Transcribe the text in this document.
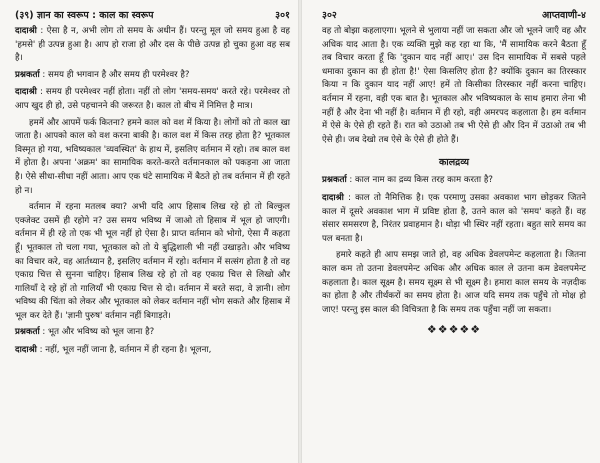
(३९) ज्ञान का स्वरूप : काल का स्वरूप	३०१

दादाश्री : ऐसा है न, अभी लोग तो समय के अधीन हैं। परन्तु मूल जो समय हुआ है वह 'हमसे' ही उत्पन्न हुआ है। आप हो राजा हो और दस के पीछे उत्पन्न हो चुका हुआ वह सब है।

प्रश्नकर्ता : समय ही भगवान है और समय ही परमेश्वर है?

दादाश्री : समय ही परमेश्वर नहीं होता। नहीं तो लोग 'समय-समय' करते रहे। परमेश्वर तो आप खुद ही हो, उसे पहचानने की जरूरत है। काल तो बीच में निमित्त है मात्र।

हममें और आपमें फर्क कितना? हमने काल को वश में किया है। लोगों को तो काल खा जाता है। आपको काल को वश करना बाकी है। काल वश में किस तरह होता है? भूतकाल विस्मृत हो गया, भविष्यकाल 'व्यवस्थित' के हाथ में, इसलिए वर्तमान में रहो। तब काल वश में होता है। अपना 'अक्रम' का सामायिक करते-करते वर्तमानकाल को पकड़ना आ जाता है। ऐसे सीधा-सीधा नहीं आता। आप एक घंटे सामायिक में बैठते हो तब वर्तमान में ही रहते हो न।

वर्तमान में रहना मतलब क्या? अभी यदि आप हिसाब लिख रहे हो तो बिल्कुल एक्जेक्ट उसमें ही रहोगे न? उस समय भविष्य में जाओ तो हिसाब में भूल हो जाएगी। वर्तमान में ही रहे तो एक भी भूल नहीं हो ऐसा है। प्राप्त वर्तमान को भोगो, ऐसा मैं कहता हूँ। भूतकाल तो चला गया, भूतकाल को तो ये बुद्धिशाली भी नहीं उखाड़ते। और भविष्य का विचार करे, वह आर्तध्यान है, इसलिए वर्तमान में रहो। वर्तमान में सत्संग होता है तो वह एकाग्र चित्त से सुनना चाहिए। हिसाब लिख रहे हो तो वह एकाग्र चित्त से लिखो और गालियाँ दे रहे हों तो गालियाँ भी एकाग्र चित्त से दो। वर्तमान में बरते सदा, वे ज्ञानी। लोग भविष्य की चिंता को लेकर और भूतकाल को लेकर वर्तमान नहीं भोग सकते और हिसाब में भूल कर देते हैं। 'ज्ञानी पुरुष' वर्तमान नहीं बिगाड़ते।

प्रश्नकर्ता : भूत और भविष्य को भूल जाना है?

दादाश्री : नहीं, भूल नहीं जाना है, वर्तमान में ही रहना है। भूलना,

३०२	आप्तवाणी-४

वह तो बोझा कहलाएगा। भूलने से भुलाया नहीं जा सकता और जो भूलने जाएँ वह और अधिक याद आता है। एक व्यक्ति मुझे कह रहा था कि, 'मैं सामायिक करने बैठता हूँ तब विचार करता हूँ कि 'दुकान याद नहीं आए।' उस दिन सामायिक में सबसे पहले धमाका दुकान का ही होता है!' ऐसा किसलिए होता है? क्योंकि दुकान का तिरस्कार किया न कि दुकान याद नहीं आए! हमें तो किसीका तिरस्कार नहीं करना चाहिए। वर्तमान में रहना, वही एक बात है। भूतकाल और भविष्यकाल के साथ हमारा लेना भी नहीं है और देना भी नहीं है। वर्तमान में ही रहो, वही अमरपद कहलाता है। हम वर्तमान में ऐसे के ऐसे ही रहते हैं। रात को उठाओ तब भी ऐसे ही और दिन में उठाओ तब भी ऐसे ही। जब देखो तब ऐसे के ऐसे ही होते हैं।

कालद्रव्य

प्रश्नकर्ता : काल नाम का द्रव्य किस तरह काम करता है?

दादाश्री : काल तो नैमित्तिक है। एक परमाणु उसका अवकाश भाग छोड़कर जितने काल में दूसरे अवकाश भाग में प्रविष्ट होता है, उतने काल को 'समय' कहते हैं। वह संसार समसरण है, निरंतर प्रवाहमान है। थोड़ा भी स्थिर नहीं रहता। बहुत सारे समय का पल बनता है।

हमारे कहते ही आप समझ जाते हो, वह अधिक डेवलपमेन्ट कहलाता है। जितना काल कम तो उतना डेवलपमेन्ट अधिक और अधिक काल ले उतना कम डेवलपमेन्ट कहलाता है। काल सूक्ष्म है। समय सूक्ष्म से भी सूक्ष्म है। हमारा काल समय के नज़दीक का होता है और तीर्थंकरों का समय होता है। आज यदि समय तक पहुँचे तो मोक्ष हो जाए! परन्तु इस काल की विचित्रता है कि समय तक पहुँचा नहीं जा सकता।

❖❖❖❖❖
